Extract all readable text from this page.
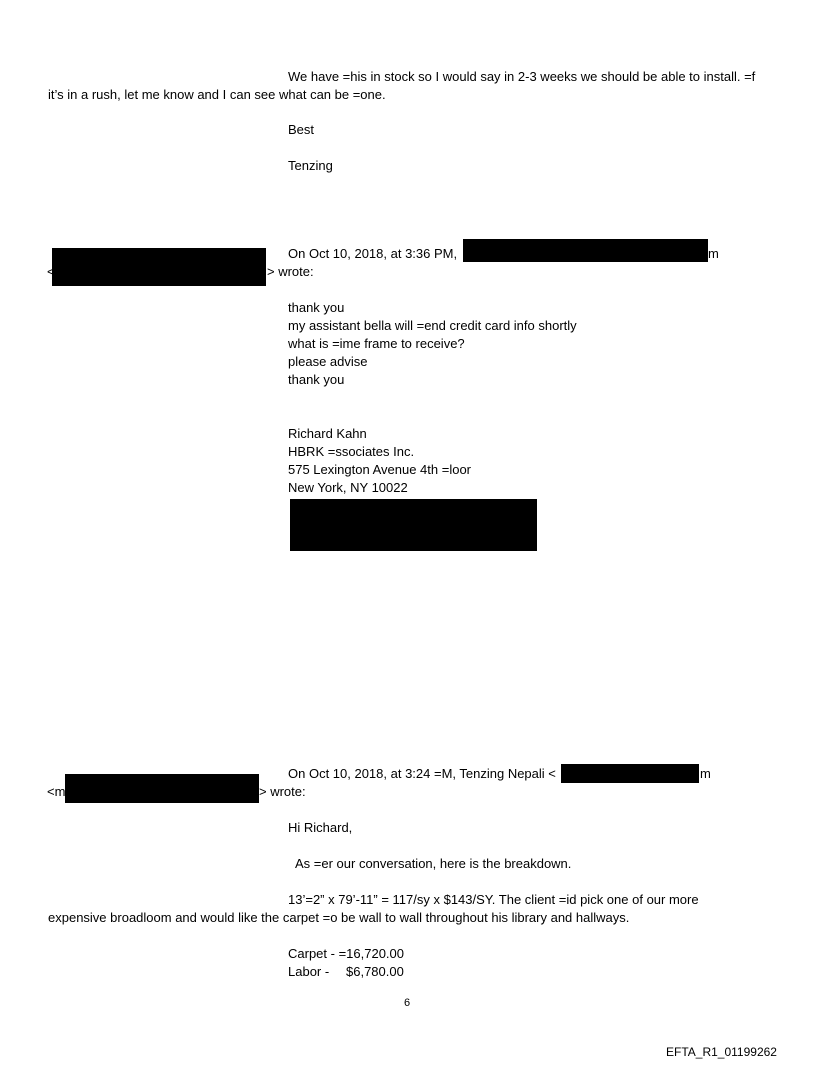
We have =his in stock so I would say in 2-3 weeks we should be able to install. =f
it’s in a rush, let me know and I can see what can be =one.
Best
Tenzing
On Oct 10, 2018, at 3:36 PM,	m
<	> wrote:
thank you
my assistant bella will =end credit card info shortly
what is =ime frame to receive?
please advise
thank you
Richard Kahn
HBRK =ssociates Inc.
575 Lexington Avenue 4th =loor
New York, NY 10022
On Oct 10, 2018, at 3:24 =M, Tenzing Nepali <	m
<m	> wrote:
Hi Richard,
As =er our conversation, here is the breakdown.
13’=2” x 79’-11” = 117/sy x $143/SY. The client =id pick one of our more
expensive broadloom and would like the carpet =o be wall to wall throughout his library and hallways.
Carpet - =16,720.00
Labor - $6,780.00
6
EFTA_R1_01199262
